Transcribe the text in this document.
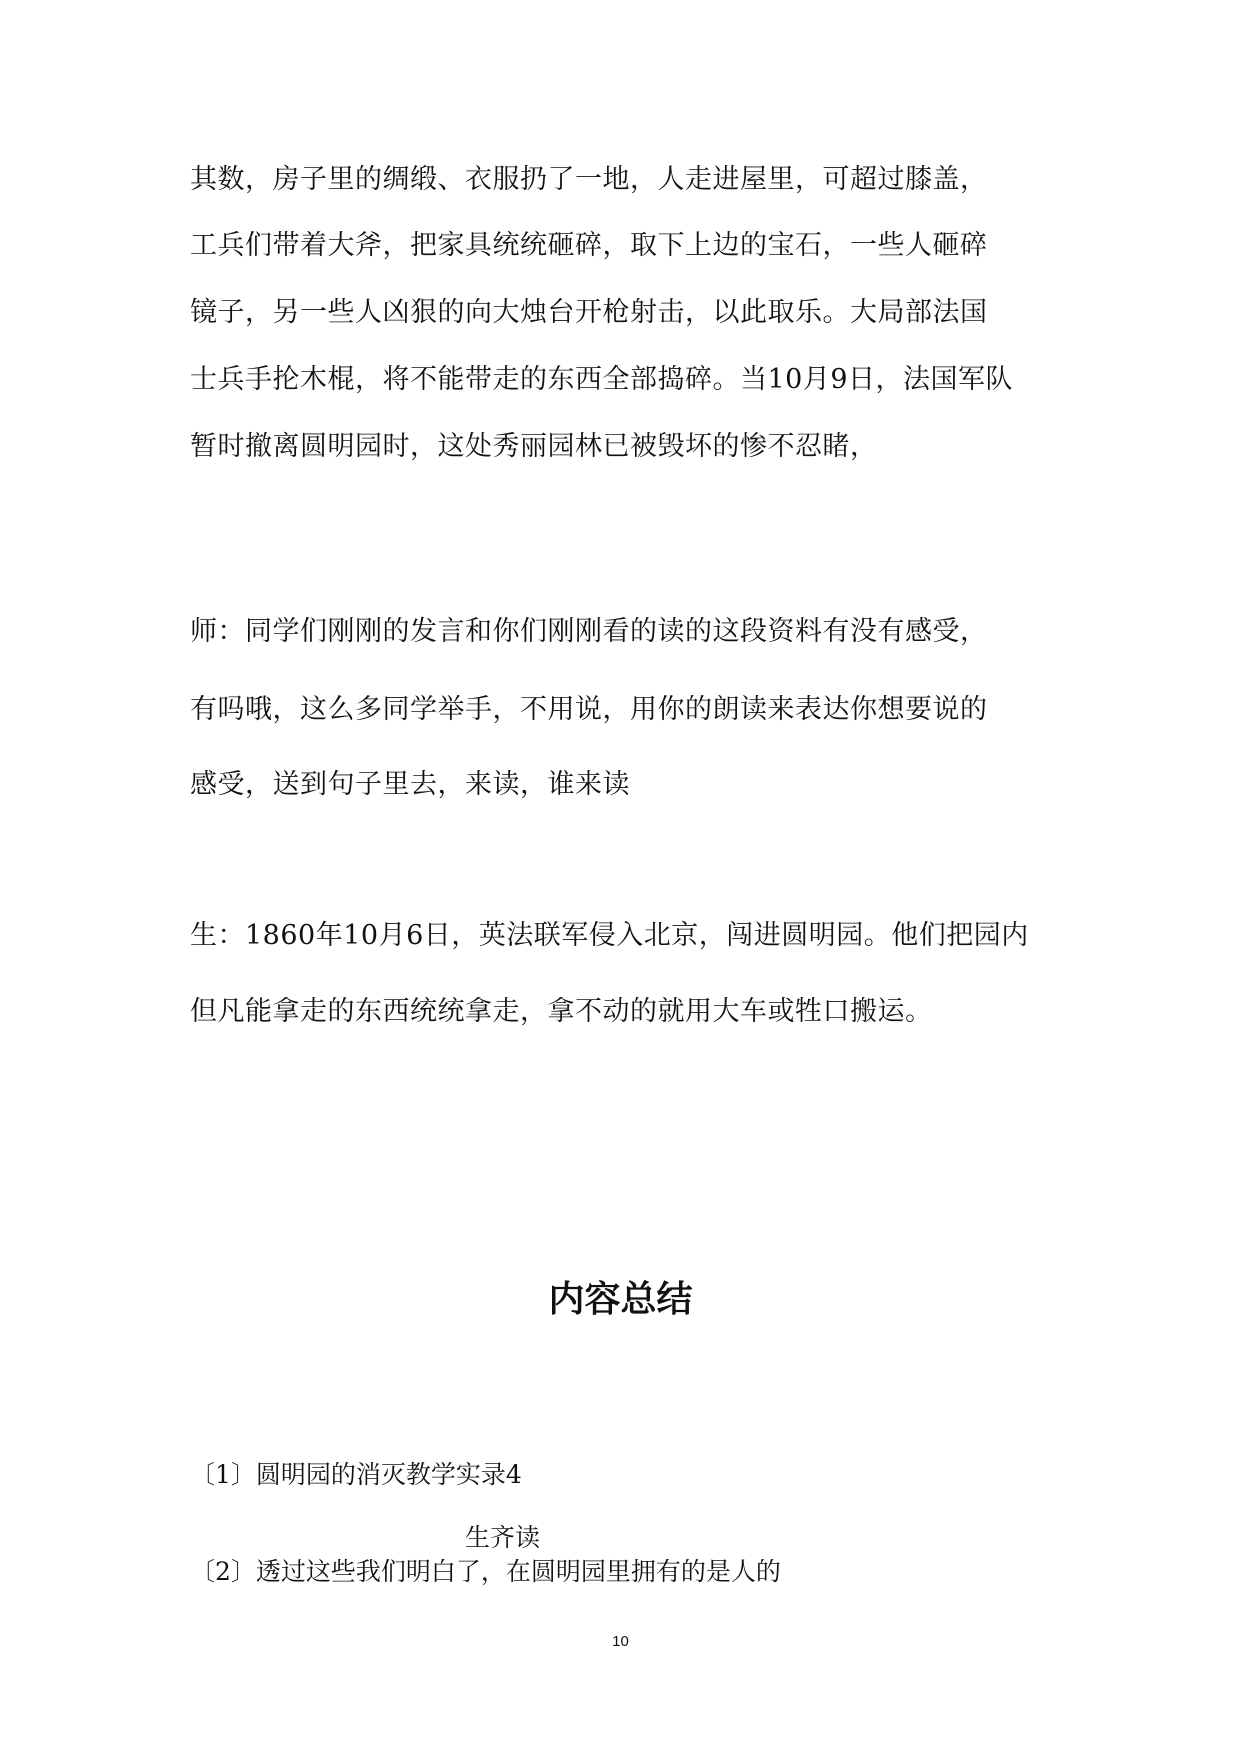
其数，房子里的绸缎、衣服扔了一地，人走进屋里，可超过膝盖，
工兵们带着大斧，把家具统统砸碎，取下上边的宝石，一些人砸碎
镜子，另一些人凶狠的向大烛台开枪射击，以此取乐。大局部法国
士兵手抡木棍，将不能带走的东西全部捣碎。当10月9日，法国军队
暂时撤离圆明园时，这处秀丽园林已被毁坏的惨不忍睹，
师：同学们刚刚的发言和你们刚刚看的读的这段资料有没有感受，
有吗哦，这么多同学举手，不用说，用你的朗读来表达你想要说的
感受，送到句子里去，来读，谁来读
生：1860年10月6日，英法联军侵入北京，闯进圆明园。他们把园内
但凡能拿走的东西统统拿走，拿不动的就用大车或牲口搬运。
内容总结
〔1〕圆明园的消灭教学实录4
生齐读
〔2〕透过这些我们明白了，在圆明园里拥有的是人的
10
